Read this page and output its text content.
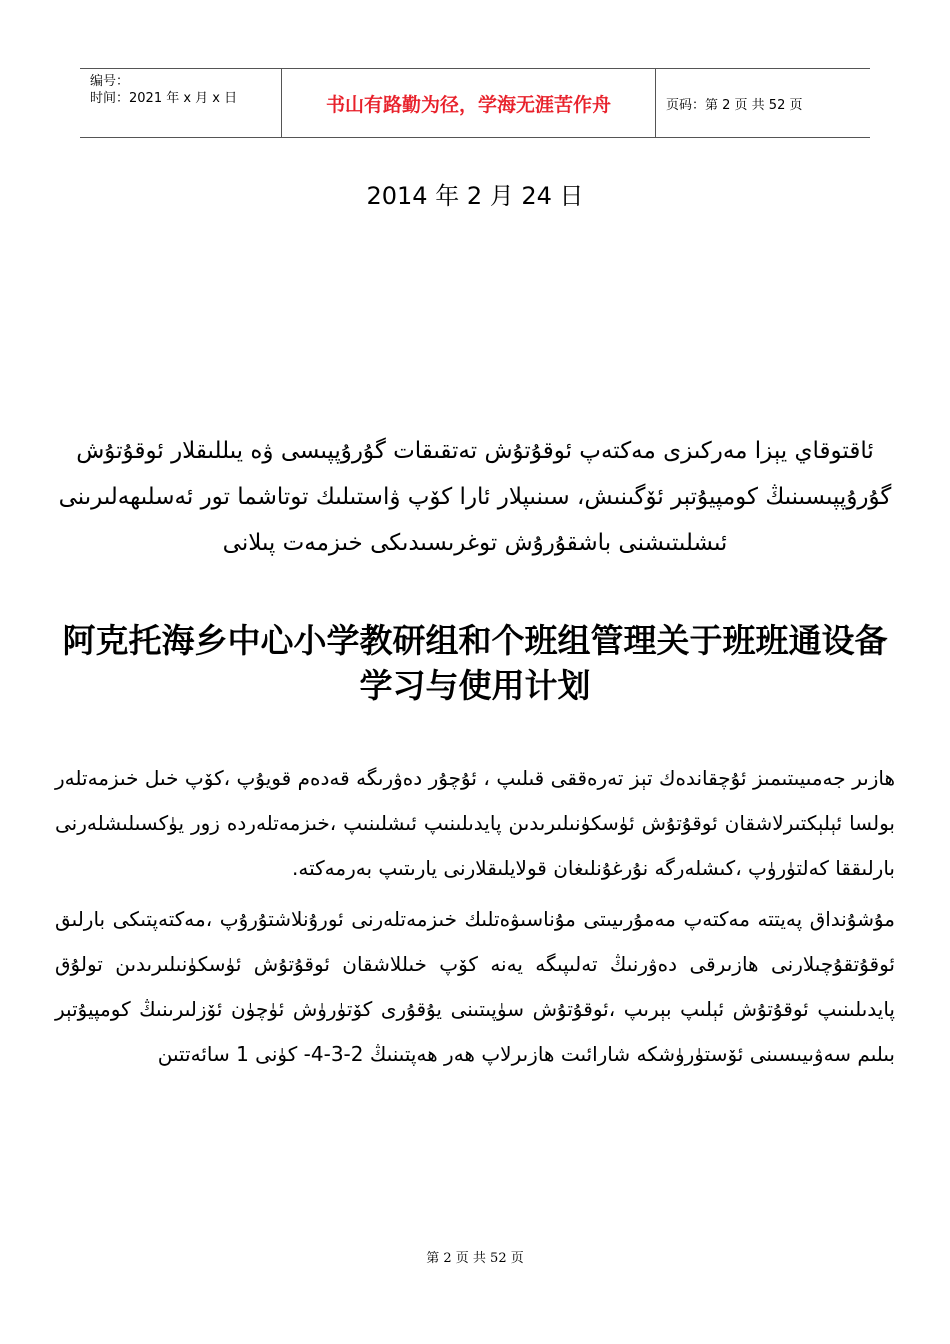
编号：
时间：2021 年 x 月 x 日	书山有路勤为径，学海无涯苦作舟	页码：第 2 页 共 52 页
2014 年 2 月 24 日
ئاقتوقاي يېزا مەركىزى مەكتەپ ئوقۇتۇش تەتقىقات گۇرۇپپىسى ۋە يىللىقلار ئوقۇتۇش گۇرۇپپىسىنىڭ كومپيۇتېر ئۆگىنىش، سىنىپلار ئارا كۆپ ۋاستىلىك توتاشما تور ئەسلىھەلىرىنى ئىشلىتىشنى باشقۇرۇش توغرىسىدىكى خىزمەت پىلانى
阿克托海乡中心小学教研组和个班组管理关于班班通设备学习与使用计划

ھازىر جەمىيىتىمىز ئۇچقاندەك تېز تەرەققى قىلىپ ، ئۇچۇر دەۋرىگە قەدەم قويۇپ ،كۆپ خىل خىزمەتلەر بولسا ئېلېكتىرلاشقان ئوقۇتۇش ئۈسكۈنىلىرىدىن پايدىلىنىپ ئىشلىنىپ ،خىزمەتلەردە زور يۈكسىلىشلەرنى بارلىققا كەلتۈرۈپ ،كىشلەرگە نۇرغۇنلىغان قولايلىقلارنى يارىتىپ بەرمەكتە.

مۇشۇنداق پەيتتە مەكتەپ مەمۇرىيىتى مۇناسىۋەتلىك خىزمەتلەرنى ئورۇنلاشتۇرۇپ ،مەكتەپتىكى بارلىق ئوقۇتقۇچىلارنى ھازىرقى دەۋرنىڭ تەلىپىگە يەنە كۆپ خىللاشقان ئوقۇتۇش ئۈسكۈنىلىرىدىن تولۇق پايدىلىنىپ ئوقۇتۇش ئېلىپ بېرىپ ،ئوقۇتۇش سۈپىتىنى يۇقۇرى كۆتۈرۈش ئۈچۈن ئۆزلىرىنىڭ كومپيۇتېر بىلىم سەۋىيىسىنى ئۆستۈرۈشكە شارائىت ھازىرلاپ ھەر ھەپتىنىڭ 2-3-4- كۈنى 1 سائەتتىن

第 2 页 共 52 页
